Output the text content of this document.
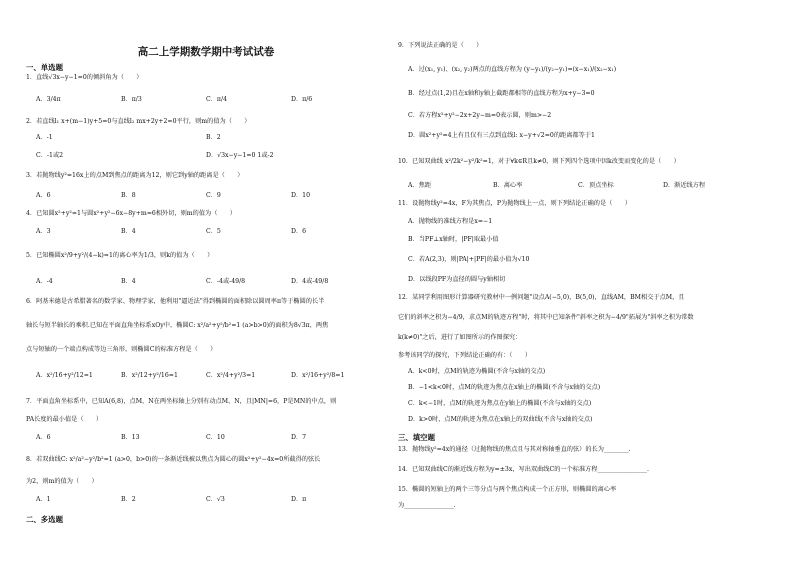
高二上学期数学期中考试试卷
一、单选题
1．直线√3x−y−1=0的倾斜角为（　　）
A．3/4π	B．π/3	C．π/4	D．π/6
2．若直线l₁ x+(m−1)y+5=0与直线l₂ mx+2y+2=0平行，则m的值为（　　）
A．-1	B．2
C．-1或2	D．√3x−y−1=0 1或-2
3．若抛物线y²=16x上的点M到焦点的距离为12，则它到y轴的距离是（　　）
A．6	B．8	C．9	D．10
4．已知圆x²+y²=1与圆x²+y²−6x−8y+m=6相外切，则m的值为（　　）
A．3	B．4	C．5	D．6
5．已知椭圆x²/9+y²/(4−k)=1的离心率为1/3，则k的值为（　　）
A．-4	B．4	C．-4或-49/8	D．4或-49/8
6．阿基米德是古希腊著名的数学家、物理学家，他利用"逼近法"得到椭圆的面积除以圆周率π等于椭圆的长半
轴长与短半轴长的乘积.已知在平面直角坐标系xOy中，椭圆C: x²/a²+y²/b²=1 (a>b>0)的面积为8√3π，两焦
点与短轴的一个端点构成等边三角形，则椭圆C的标准方程是（　　）
A．x²/16+y²/12=1	B．x²/12+y²/16=1	C．x²/4+y²/3=1	D．x²/16+y²/8=1
7．平面直角坐标系中，已知A(6,8)，点M，N在两坐标轴上分别有动点M、N，且|MN|=6，P是MN的中点，则
PA长度的最小值是（　　）
A．6	B．13	C．10	D．7
8．若双曲线C: x²/a²−y²/b²=1 (a>0，b>0)的一条渐近线被以焦点为圆心的圆x²+y²−4x=0所截得的弦长
为2，则m的值为（　　）
A．1	B．2	C．√3	D．π
二、多选题
9．下列说法正确的是（　　）
A．过(x₁, y₁)、(x₂, y₂)两点的直线方程为 (y−y₁)/(y₂−y₁)=(x−x₁)/(x₂−x₁)
B．经过点(1,2)且在x轴和y轴上截距都相等的直线方程为x+y−3=0
C．若方程x²+y²−2x+2y−m=0表示圆，则m>−2
D．圆x²+y²=4上有且仅有三点到直线l: x−y+√2=0的距离都等于1
10．已知双曲线 x²/2k²−y²/k²=1，对于∀k∈R且k≠0，则下列四个选项中因k改变而变化的是（　　）
A．焦距	B．离心率	C．顶点坐标	D．渐近线方程
11．设抛物线y²=4x，F为其焦点，P为抛物线上一点，则下列结论正确的是（　　）
A．抛物线的准线方程是x=−1
B．当PF⊥x轴时，|PF|取最小值
C．若A(2,3)，则|PA|+|PF|的最小值为√10
D．以线段PF为直径的圆与y轴相切
12．某同学利用图形计算器研究教材中一例问题"设点A(−5,0)，B(5,0)，直线AM，BM相交于点M，且
它们的斜率之积为−4/9，求点M的轨迹方程"时，将其中已知条件"斜率之积为−4/9"拓展为"斜率之积为常数
k(k≠0)"之后，进行了如图所示的作图探究：
参考该同学的探究，下列结论正确的有：（　　）
A．k<0时，点M的轨迹为椭圆(不含与x轴的交点)
B．−1<k<0时，点M的轨迹为焦点在x轴上的椭圆(不含与x轴的交点)
C．k<−1时，点M的轨迹为焦点在y轴上的椭圆(不含与x轴的交点)
D．k>0时，点M的轨迹为焦点在x轴上的双曲线(不含与x轴的交点)
三、填空题
13．抛物线y²=4x的通径（过抛物线的焦点且与其对称轴垂直的弦）的长为________.
14．已知双曲线C的渐近线方程为y=±3x，写出双曲线C的一个标准方程________________.
15．椭圆的短轴上的两个三等分点与两个焦点构成一个正方形，则椭圆的离心率
为________________.
